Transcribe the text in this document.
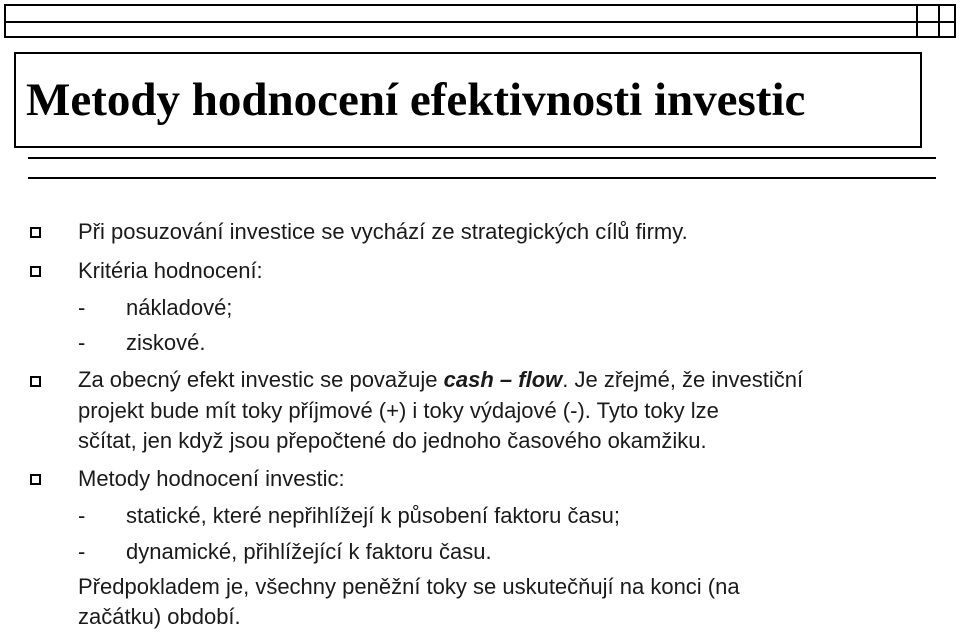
Metody hodnocení efektivnosti investic
Při posuzování investice se vychází ze strategických cílů firmy.
Kritéria hodnocení:
- nákladové;
- ziskové.
Za obecný efekt investic se považuje cash – flow. Je zřejmé, že investiční
projekt bude mít toky příjmové (+) i toky výdajové (-). Tyto toky lze
sčítat, jen když jsou přepočtené do jednoho časového okamžiku.
Metody hodnocení investic:
- statické, které nepřihlížejí k působení faktoru času;
- dynamické, přihlížející k faktoru času.
Předpokladem je, všechny peněžní toky se uskutečňují na konci (na
začátku) období.
